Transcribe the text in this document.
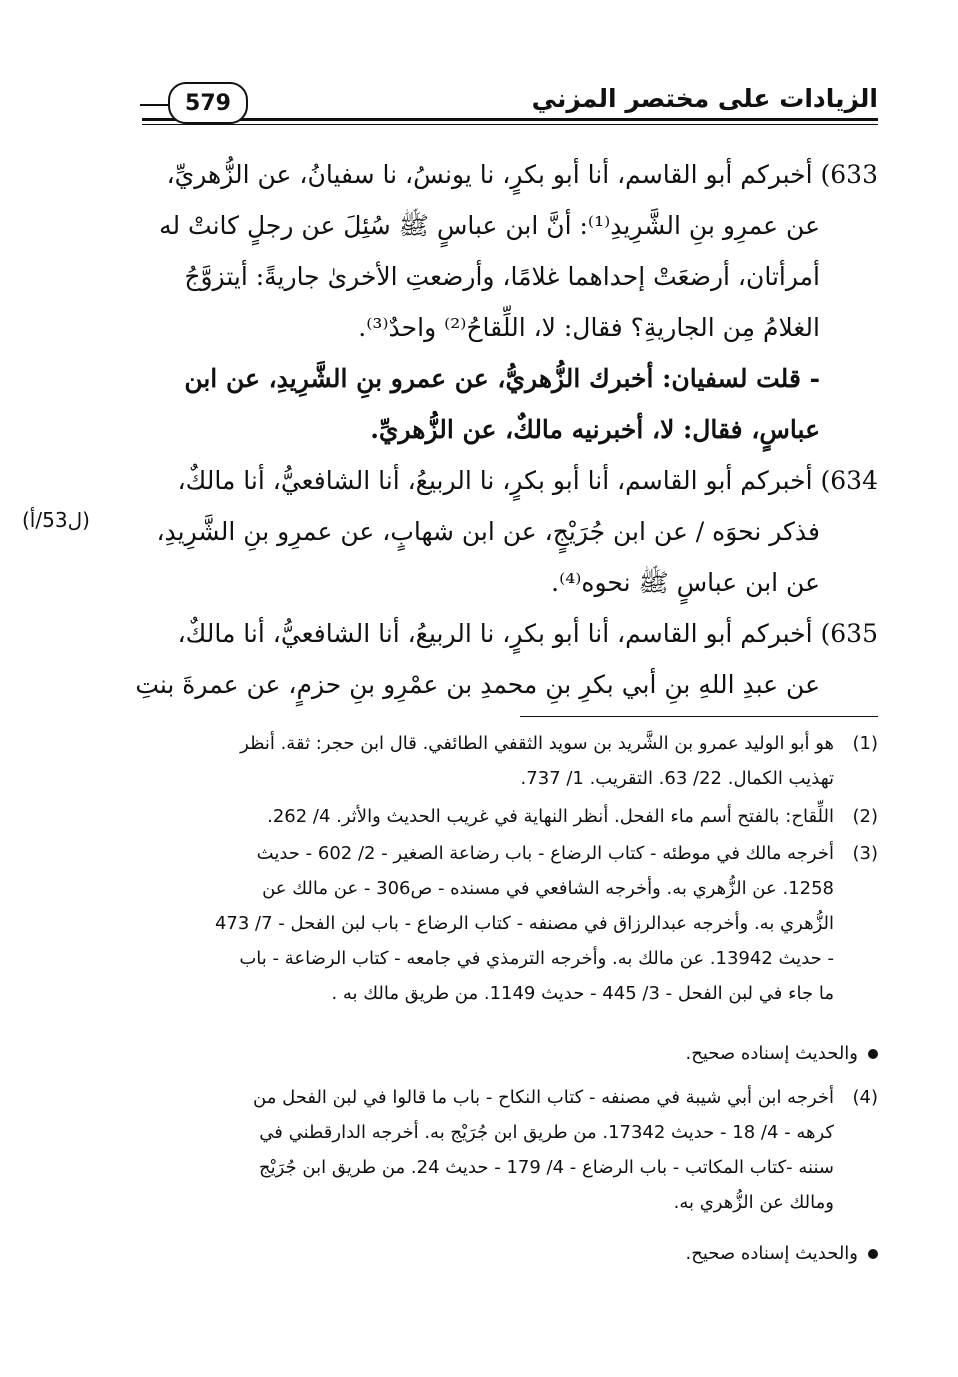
الزيادات على مختصر المزني
579
633) أخبركم أبو القاسم، أنا أبو بكرٍ، نا يونسُ، نا سفيانُ، عن الزُّهريِّ،
عن عمرِو بنِ الشَّرِيدِ⁽¹⁾: أنَّ ابن عباسٍ ﷺ سُئِلَ عن رجلٍ كانتْ له
أمرأتان، أرضعَتْ إحداهما غلامًا، وأرضعتِ الأخرىٰ جاريةً: أيتزوَّجُ
الغلامُ مِن الجاريةِ؟ فقال: لا، اللِّقاحُ⁽²⁾ واحدٌ⁽³⁾.
- قلت لسفيان: أخبرك الزُّهريُّ، عن عمرو بنِ الشَّرِيدِ، عن ابن
عباسٍ، فقال: لا، أخبرنيه مالكٌ، عن الزُّهريِّ.
634) أخبركم أبو القاسم، أنا أبو بكرٍ، نا الربيعُ، أنا الشافعيُّ، أنا مالكٌ،
فذكر نحوَه / عن ابن جُرَيْجٍ، عن ابن شهابٍ، عن عمرِو بنِ الشَّرِيدِ،
عن ابن عباسٍ ﷺ نحوه⁽⁴⁾.
635) أخبركم أبو القاسم، أنا أبو بكرٍ، نا الربيعُ، أنا الشافعيُّ، أنا مالكٌ،
عن عبدِ اللهِ بنِ أبي بكرِ بنِ محمدِ بن عمْرِو بنِ حزمٍ، عن عمرةَ بنتِ
(ل53/أ)
(1)
هو أبو الوليد عمرو بن الشَّريد بن سويد الثقفي الطائفي. قال ابن حجر: ثقة. أنظر
تهذيب الكمال. 22/ 63. التقريب. 1/ 737.
(2)
اللِّقاح: بالفتح أسم ماء الفحل. أنظر النهاية في غريب الحديث والأثر. 4/ 262.
(3)
أخرجه مالك في موطئه - كتاب الرضاع - باب رضاعة الصغير - 2/ 602 - حديث
1258. عن الزُّهري به. وأخرجه الشافعي في مسنده - ص306 - عن مالك عن
الزُّهري به. وأخرجه عبدالرزاق في مصنفه - كتاب الرضاع - باب لبن الفحل - 7/ 473
- حديث 13942. عن مالك به. وأخرجه الترمذي في جامعه - كتاب الرضاعة - باب
ما جاء في لبن الفحل - 3/ 445 - حديث 1149. من طريق مالك به .
والحديث إسناده صحيح.
(4)
أخرجه ابن أبي شيبة في مصنفه - كتاب النكاح - باب ما قالوا في لبن الفحل من
كرهه - 4/ 18 - حديث 17342. من طريق ابن جُرَيْج به. أخرجه الدارقطني في
سننه -كتاب المكاتب - باب الرضاع - 4/ 179 - حديث 24. من طريق ابن جُرَيْج
ومالك عن الزُّهري به.
والحديث إسناده صحيح.
